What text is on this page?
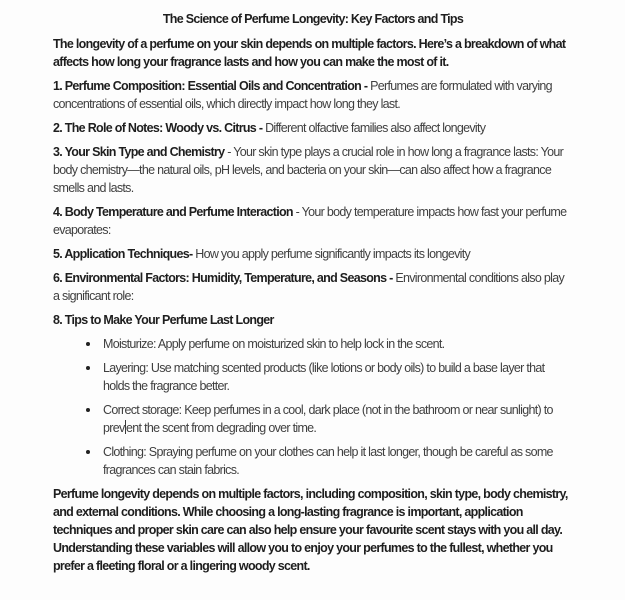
The Science of Perfume Longevity: Key Factors and Tips

The longevity of a perfume on your skin depends on multiple factors. Here’s a breakdown of what affects how long your fragrance lasts and how you can make the most of it.

1. Perfume Composition: Essential Oils and Concentration - Perfumes are formulated with varying concentrations of essential oils, which directly impact how long they last.

2. The Role of Notes: Woody vs. Citrus - Different olfactive families also affect longevity

3. Your Skin Type and Chemistry - Your skin type plays a crucial role in how long a fragrance lasts: Your body chemistry—the natural oils, pH levels, and bacteria on your skin—can also affect how a fragrance smells and lasts.

4. Body Temperature and Perfume Interaction - Your body temperature impacts how fast your perfume evaporates:

5. Application Techniques- How you apply perfume significantly impacts its longevity

6. Environmental Factors: Humidity, Temperature, and Seasons - Environmental conditions also play a significant role:

8. Tips to Make Your Perfume Last Longer

Moisturize: Apply perfume on moisturized skin to help lock in the scent.
Layering: Use matching scented products (like lotions or body oils) to build a base layer that holds the fragrance better.
Correct storage: Keep perfumes in a cool, dark place (not in the bathroom or near sunlight) to prev ent the scent from degrading over time.
Clothing: Spraying perfume on your clothes can help it last longer, though be careful as some fragrances can stain fabrics.

Perfume longevity depends on multiple factors, including composition, skin type, body chemistry, and external conditions. While choosing a long-lasting fragrance is important, application techniques and proper skin care can also help ensure your favourite scent stays with you all day. Understanding these variables will allow you to enjoy your perfumes to the fullest, whether you prefer a fleeting floral or a lingering woody scent.
